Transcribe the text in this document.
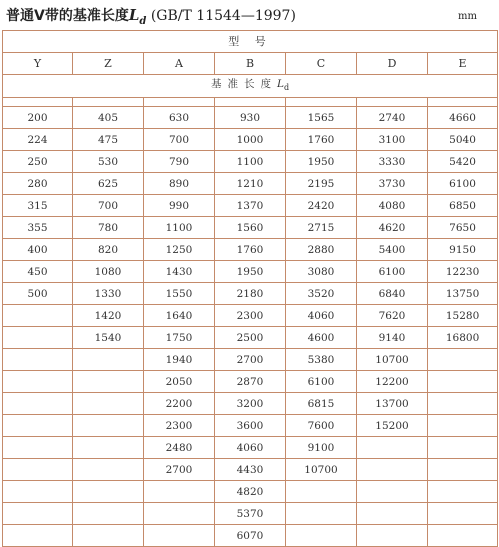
普通V带的基准长度$L_d$ (GB/T 11544—1997)	mm
型 号						
Y	Z	A	B	C	D	E
基准长度$L_d$

200	405	630	930	1565	2740	4660
224	475	700	1000	1760	3100	5040
250	530	790	1100	1950	3330	5420
280	625	890	1210	2195	3730	6100
315	700	990	1370	2420	4080	6850
355	780	1100	1560	2715	4620	7650
400	820	1250	1760	2880	5400	9150
450	1080	1430	1950	3080	6100	12230
500	1330	1550	2180	3520	6840	13750
	1420	1640	2300	4060	7620	15280
	1540	1750	2500	4600	9140	16800
		1940	2700	5380	10700	
		2050	2870	6100	12200	
		2200	3200	6815	13700	
		2300	3600	7600	15200	
		2480	4060	9100		
		2700	4430	10700		
			4820			
			5370			
			6070			
